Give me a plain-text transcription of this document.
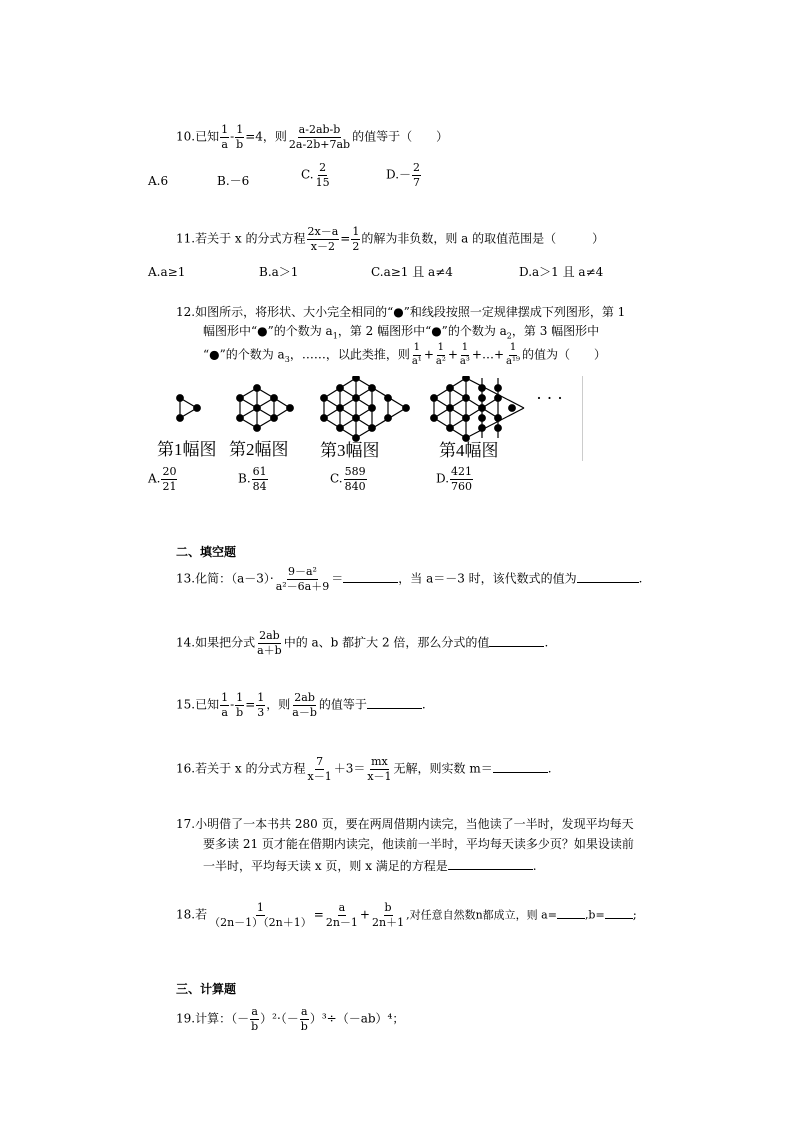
10.已知 $\frac{1}{a} - \frac{1}{b} =4$，则 $\frac{a-2ab-b}{2a-2b+7ab}$ 的值等于（　　）
A.6	B.－6	C. $\frac{2}{15}$	$D.- \frac{2}{7}$
11.若关于 x 的分式方程 $\frac{2x-a}{x-2} = \frac{1}{2}$ 的解为非负数，则 a 的取值范围是（　　　）
A.a≥1	B.a＞1	C.a≥1 且 a≠4	D.a＞1 且 a≠4
12.如图所示，将形状、大小完全相同的“●”和线段按照一定规律摆成下列图形，第 1
幅图形中“●”的个数为 $a_1$，第 2 幅图形中“●”的个数为 $a_2$，第 3 幅图形中
“●”的个数为 $a_3$，……，以此类推，则 $\frac{1}{\text{a¹}} + \frac{1}{\text{a²}} + \frac{1}{\text{a³}}$ +…+ $\frac{1}{\text{a¹⁹}}$ 的值为（　　）
· · ·
第1幅图 第2幅图 第3幅图	第4幅图
A. $\frac{20}{21}$	B. $\frac{61}{84}$	C. $\frac{589}{840}$	D. $\frac{421}{760}$
二、填空题
13.化简：$(a-3)\cdot \frac{\text{9－a²}}{\text{a²－6a＋9}}$ ＝	，当 a＝－3 时，该代数式的值为	.
14.如果把分式 $\frac{2ab}{a+b}$ 中的 a、b 都扩大 2 倍，那么分式的值	.
15.已知 $\frac{1}{a} - \frac{1}{b} = \frac{1}{3}$ ，则 $\frac{2ab}{a-b}$ 的值等于	.
16.若关于 x 的分式方程 $\frac{7}{x-1} +3= \frac{mx}{x-1}$ 无解，则实数 m＝	.
17.小明借了一本书共 280 页，要在两周借期内读完，当他读了一半时，发现平均每天
要多读 21 页才能在借期内读完，他读前一半时，平均每天读多少页？如果设读前
一半时，平均每天读 x 页，则 x 满足的方程是	.
18.若 $\frac{1}{(2n-1)(2n+1)} = \frac{a}{2n-1} + \frac{b}{2n+1}$ ,对任意自然数n都成立，则 a=	,b= ;
三、计算题
19.计算：（－ $\frac{a}{b} )^2\cdot(- \frac{a}{b} )^3\div(-ab)^4$；
